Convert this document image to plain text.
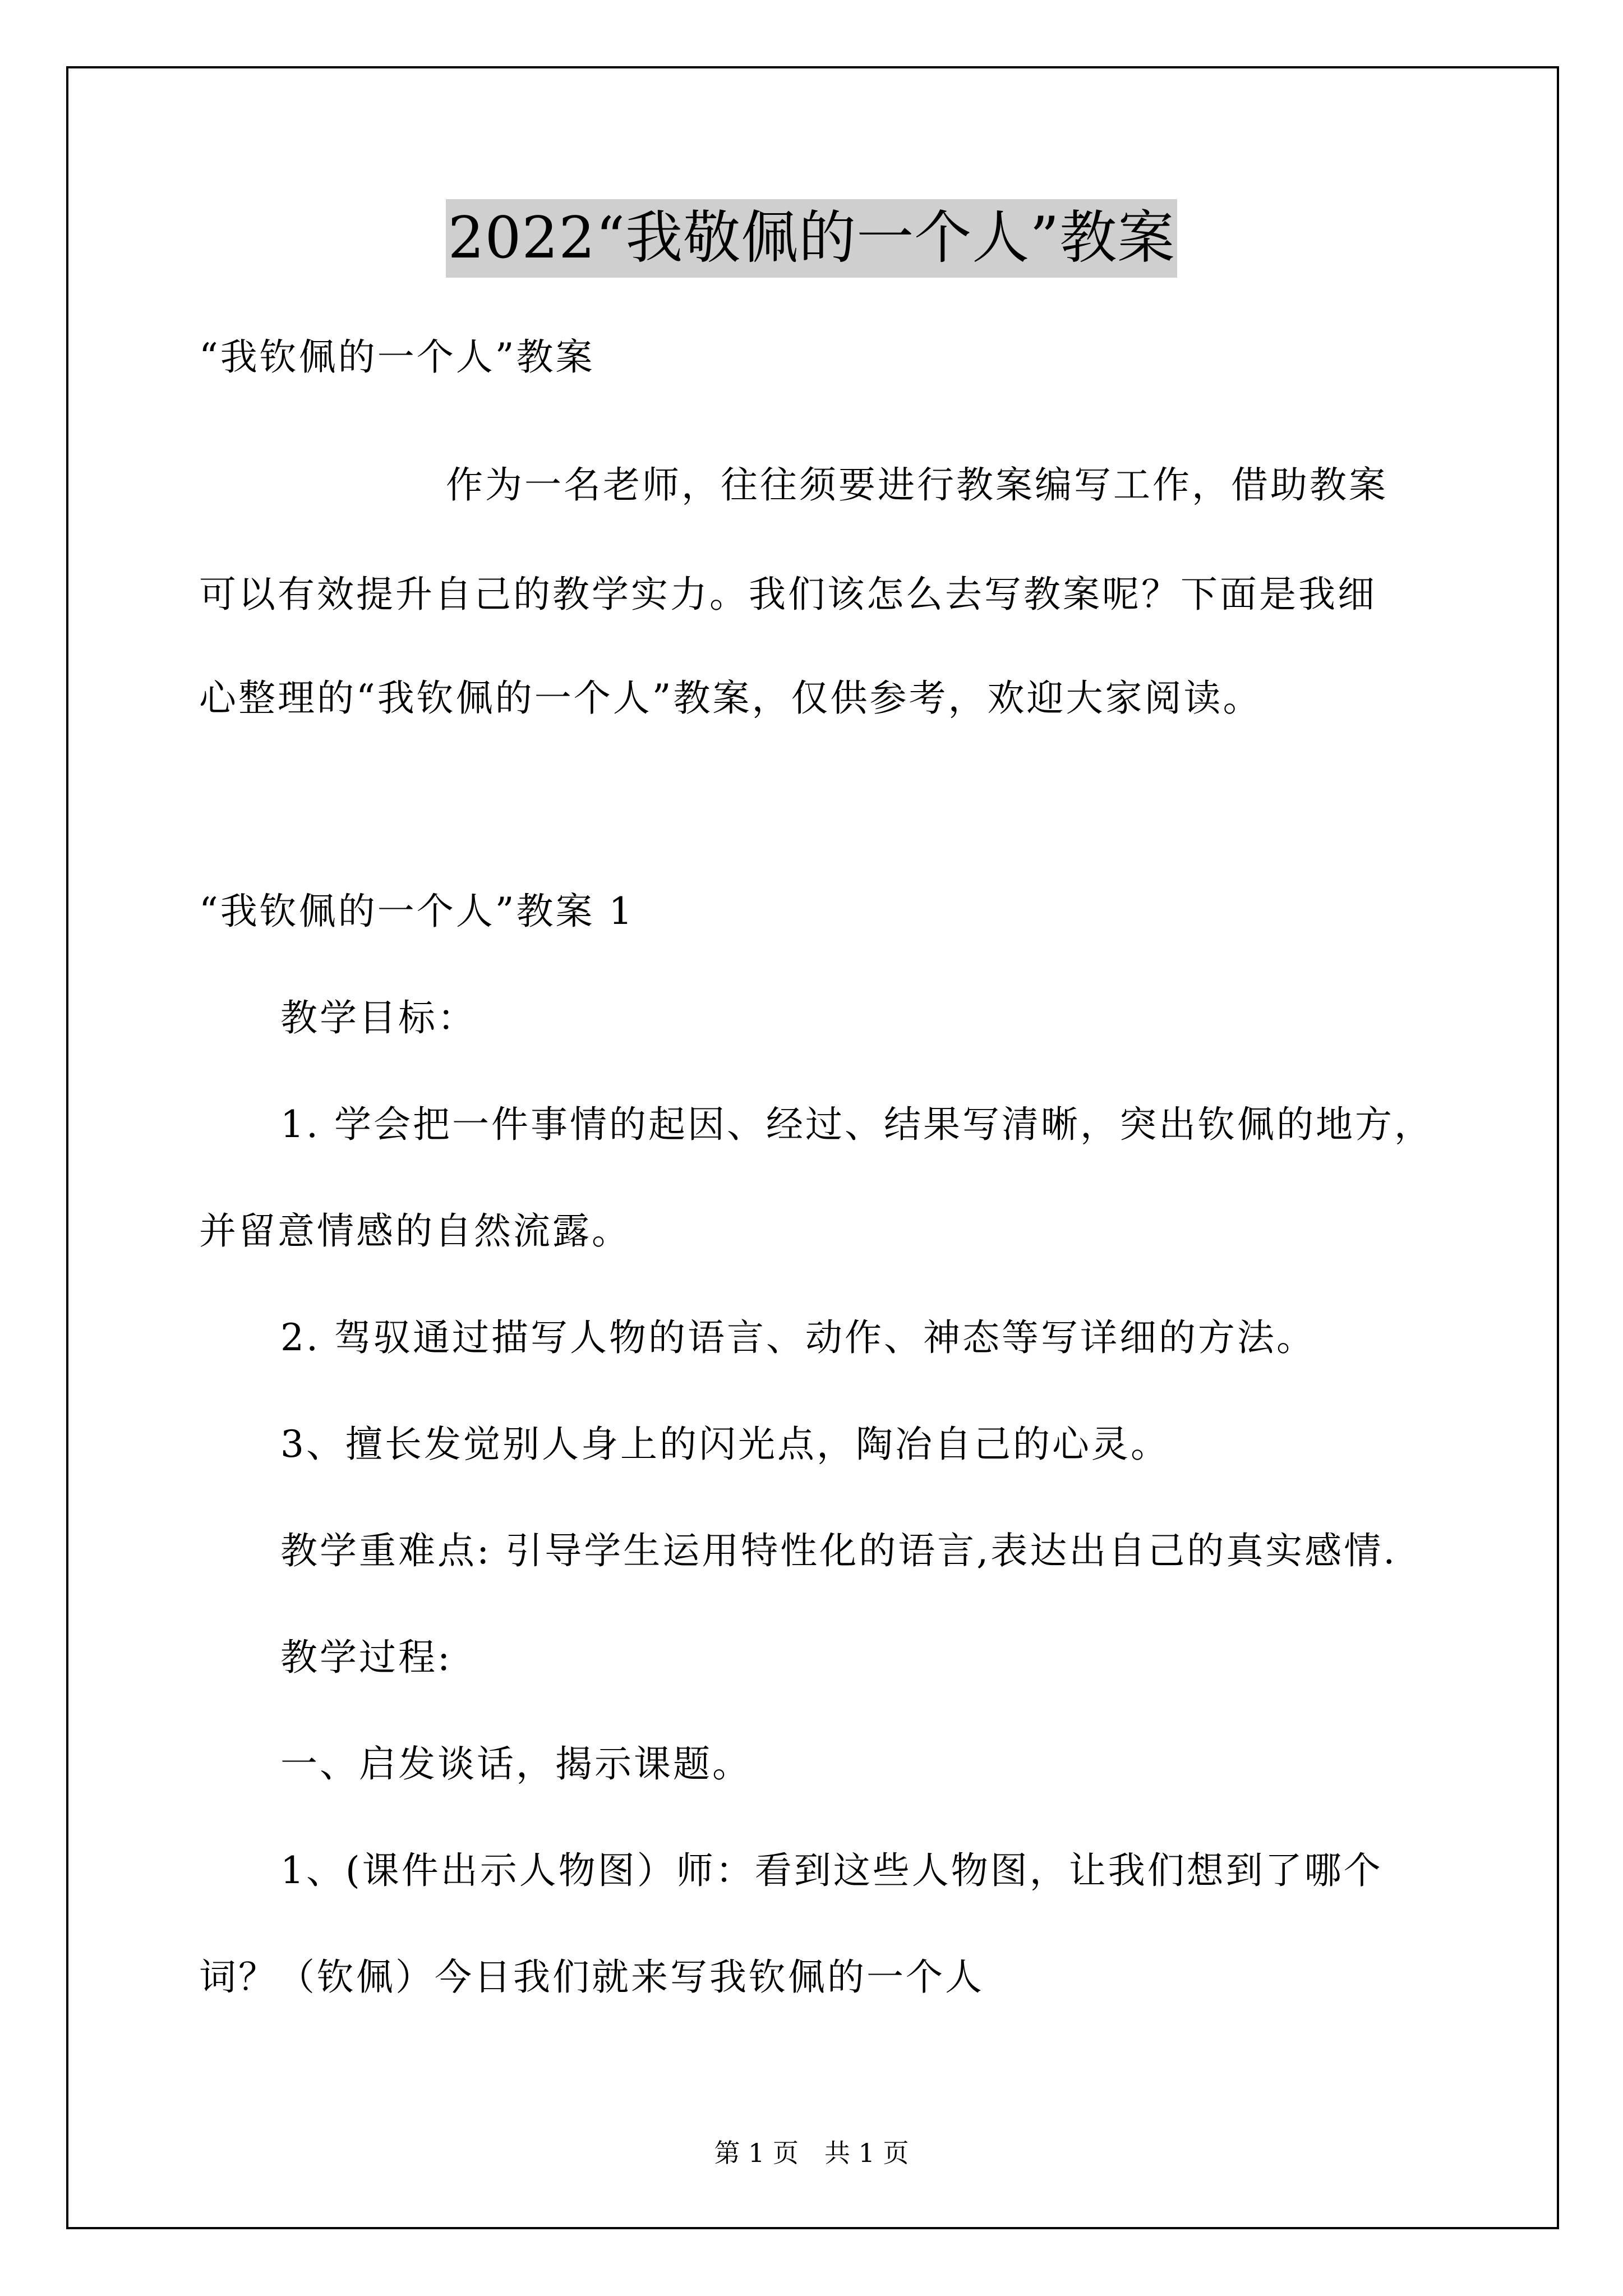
2022“我敬佩的一个人”教案
“我钦佩的一个人”教案
作为一名老师，往往须要进行教案编写工作，借助教案
可以有效提升自己的教学实力。我们该怎么去写教案呢？下面是我细
心整理的“我钦佩的一个人”教案，仅供参考，欢迎大家阅读。
“我钦佩的一个人”教案 1
教学目标：
1. 学会把一件事情的起因、经过、结果写清晰，突出钦佩的地方，
并留意情感的自然流露。
2. 驾驭通过描写人物的语言、动作、神态等写详细的方法。
3、擅长发觉别人身上的闪光点，陶冶自己的心灵。
教学重难点: 引导学生运用特性化的语言,表达出自己的真实感情.
教学过程:
一、启发谈话，揭示课题。
1、(课件出示人物图）师：看到这些人物图，让我们想到了哪个
词？（钦佩）今日我们就来写我钦佩的一个人
第 1 页　共 1 页
